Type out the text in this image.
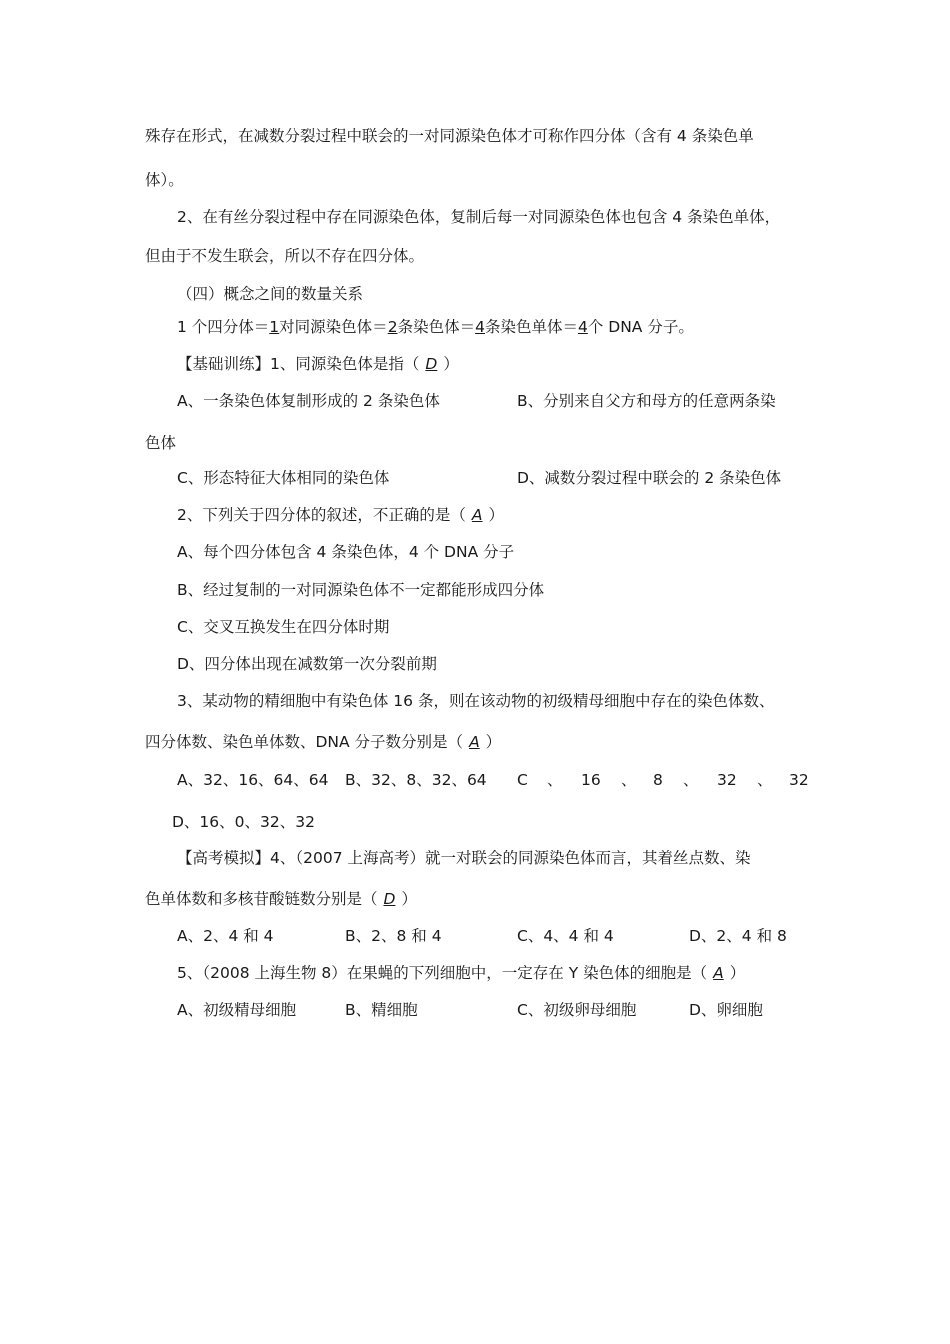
殊存在形式，在减数分裂过程中联会的一对同源染色体才可称作四分体（含有 4 条染色单
体）。
2、在有丝分裂过程中存在同源染色体，复制后每一对同源染色体也包含 4 条染色单体，
但由于不发生联会，所以不存在四分体。
（四）概念之间的数量关系
1 个四分体＝1对同源染色体＝2条染色体＝4条染色单体＝4个 DNA 分子。
【基础训练】1、同源染色体是指（ D ）
A、一条染色体复制形成的 2 条染色体	B、分别来自父方和母方的任意两条染
色体
C、形态特征大体相同的染色体	D、减数分裂过程中联会的 2 条染色体
2、下列关于四分体的叙述，不正确的是（ A ）
A、每个四分体包含 4 条染色体，4 个 DNA 分子
B、经过复制的一对同源染色体不一定都能形成四分体
C、交叉互换发生在四分体时期
D、四分体出现在减数第一次分裂前期
3、某动物的精细胞中有染色体 16 条，则在该动物的初级精母细胞中存在的染色体数、
四分体数、染色单体数、DNA 分子数分别是（ A ）
A、32、16、64、64 B、32、8、32、64 C 、 16 、 8 、 32 、 32
D、16、0、32、32
【高考模拟】4、（2007 上海高考）就一对联会的同源染色体而言，其着丝点数、染
色单体数和多核苷酸链数分别是（ D ）
A、2、4 和 4	B、2、8 和 4	C、4、4 和 4	D、2、4 和 8
5、（2008 上海生物 8）在果蝇的下列细胞中，一定存在 Y 染色体的细胞是（ A ）
A、初级精母细胞	B、精细胞	C、初级卵母细胞	D、卵细胞
